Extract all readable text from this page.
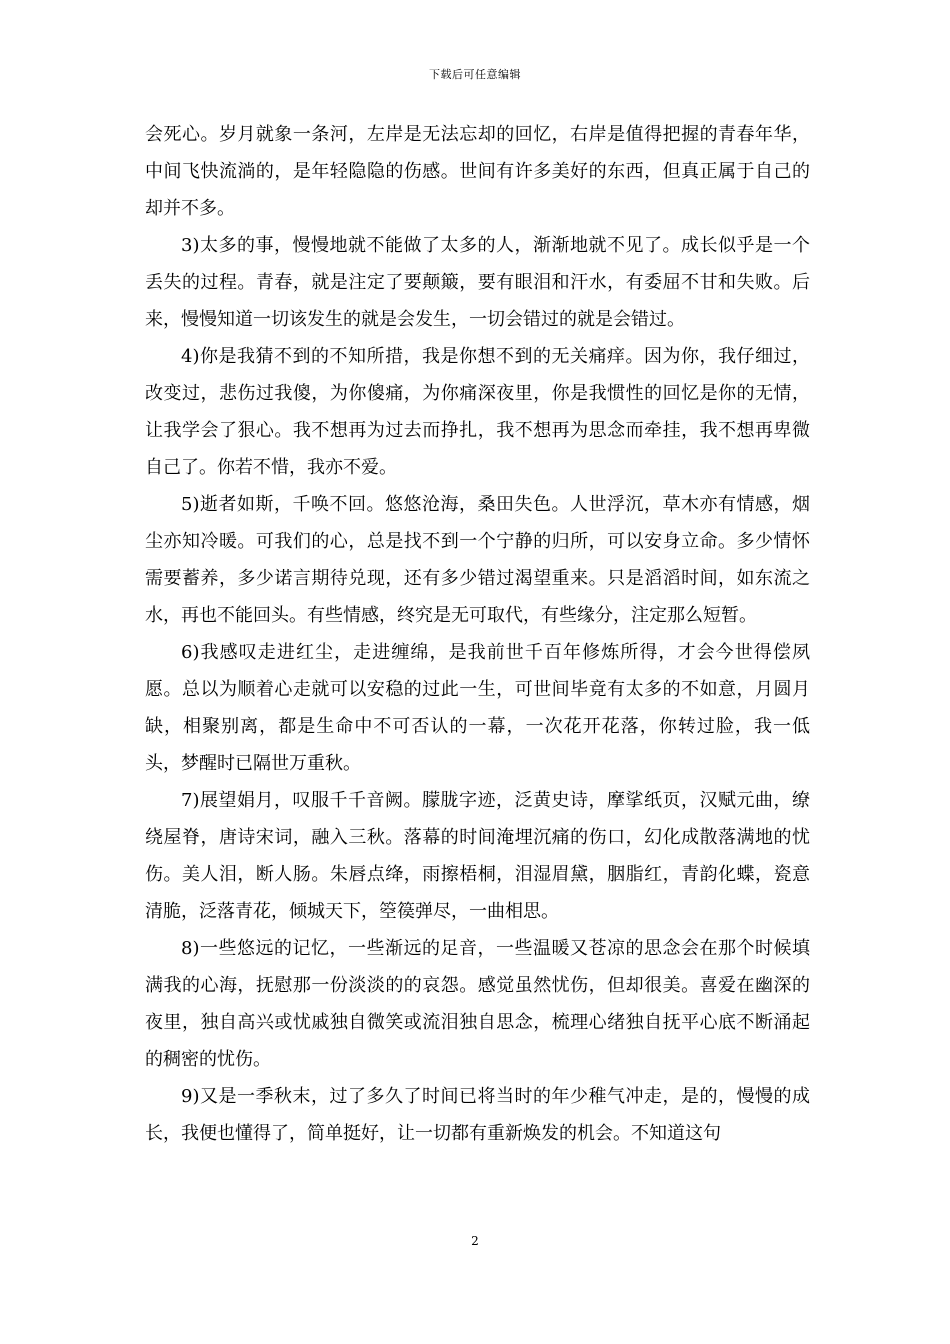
下载后可任意编辑

会死心。岁月就象一条河，左岸是无法忘却的回忆，右岸是值得把握的青春年华，中间飞快流淌的，是年轻隐隐的伤感。世间有许多美好的东西，但真正属于自己的却并不多。

3)太多的事，慢慢地就不能做了太多的人，渐渐地就不见了。成长似乎是一个丢失的过程。青春，就是注定了要颠簸，要有眼泪和汗水，有委屈不甘和失败。后来，慢慢知道一切该发生的就是会发生，一切会错过的就是会错过。

4)你是我猜不到的不知所措，我是你想不到的无关痛痒。因为你，我仔细过，改变过，悲伤过我傻，为你傻痛，为你痛深夜里，你是我惯性的回忆是你的无情，让我学会了狠心。我不想再为过去而挣扎，我不想再为思念而牵挂，我不想再卑微自己了。你若不惜，我亦不爱。

5)逝者如斯，千唤不回。悠悠沧海，桑田失色。人世浮沉，草木亦有情感，烟尘亦知冷暖。可我们的心，总是找不到一个宁静的归所，可以安身立命。多少情怀需要蓄养，多少诺言期待兑现，还有多少错过渴望重来。只是滔滔时间，如东流之水，再也不能回头。有些情感，终究是无可取代，有些缘分，注定那么短暂。

6)我感叹走进红尘，走进缠绵，是我前世千百年修炼所得，才会今世得偿夙愿。总以为顺着心走就可以安稳的过此一生，可世间毕竟有太多的不如意，月圆月缺，相聚别离，都是生命中不可否认的一幕，一次花开花落，你转过脸，我一低头，梦醒时已隔世万重秋。

7)展望娟月，叹服千千音阙。朦胧字迹，泛黄史诗，摩挲纸页，汉赋元曲，缭绕屋脊，唐诗宋词，融入三秋。落幕的时间淹埋沉痛的伤口，幻化成散落满地的忧伤。美人泪，断人肠。朱唇点绛，雨擦梧桐，泪湿眉黛，胭脂红，青韵化蝶，瓷意清脆，泛落青花，倾城天下，箜篌弹尽，一曲相思。

8)一些悠远的记忆，一些渐远的足音，一些温暖又苍凉的思念会在那个时候填满我的心海，抚慰那一份淡淡的的哀怨。感觉虽然忧伤，但却很美。喜爱在幽深的夜里，独自高兴或忧戚独自微笑或流泪独自思念，梳理心绪独自抚平心底不断涌起的稠密的忧伤。

9)又是一季秋末，过了多久了时间已将当时的年少稚气冲走，是的，慢慢的成长，我便也懂得了，简单挺好，让一切都有重新焕发的机会。不知道这句

2
